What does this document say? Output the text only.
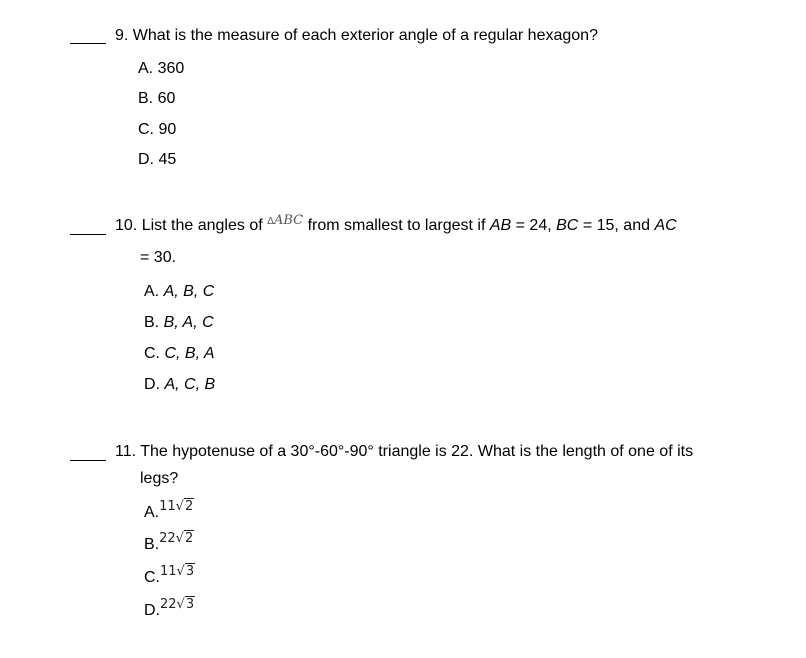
9. What is the measure of each exterior angle of a regular hexagon?
A. 360
B. 60
C. 90
D. 45
10. List the angles of $^{\Delta ABC}$ from smallest to largest if AB = 24, BC = 15, and AC
= 30.
A. A, B, C
B. B, A, C
C. C, B, A
D. A, C, B
11. The hypotenuse of a 30°-60°-90° triangle is 22. What is the length of one of its
legs?
A.$^{11√2}$
B.$^{22√2}$
C.$^{11√3}$
D.$^{22√3}$
